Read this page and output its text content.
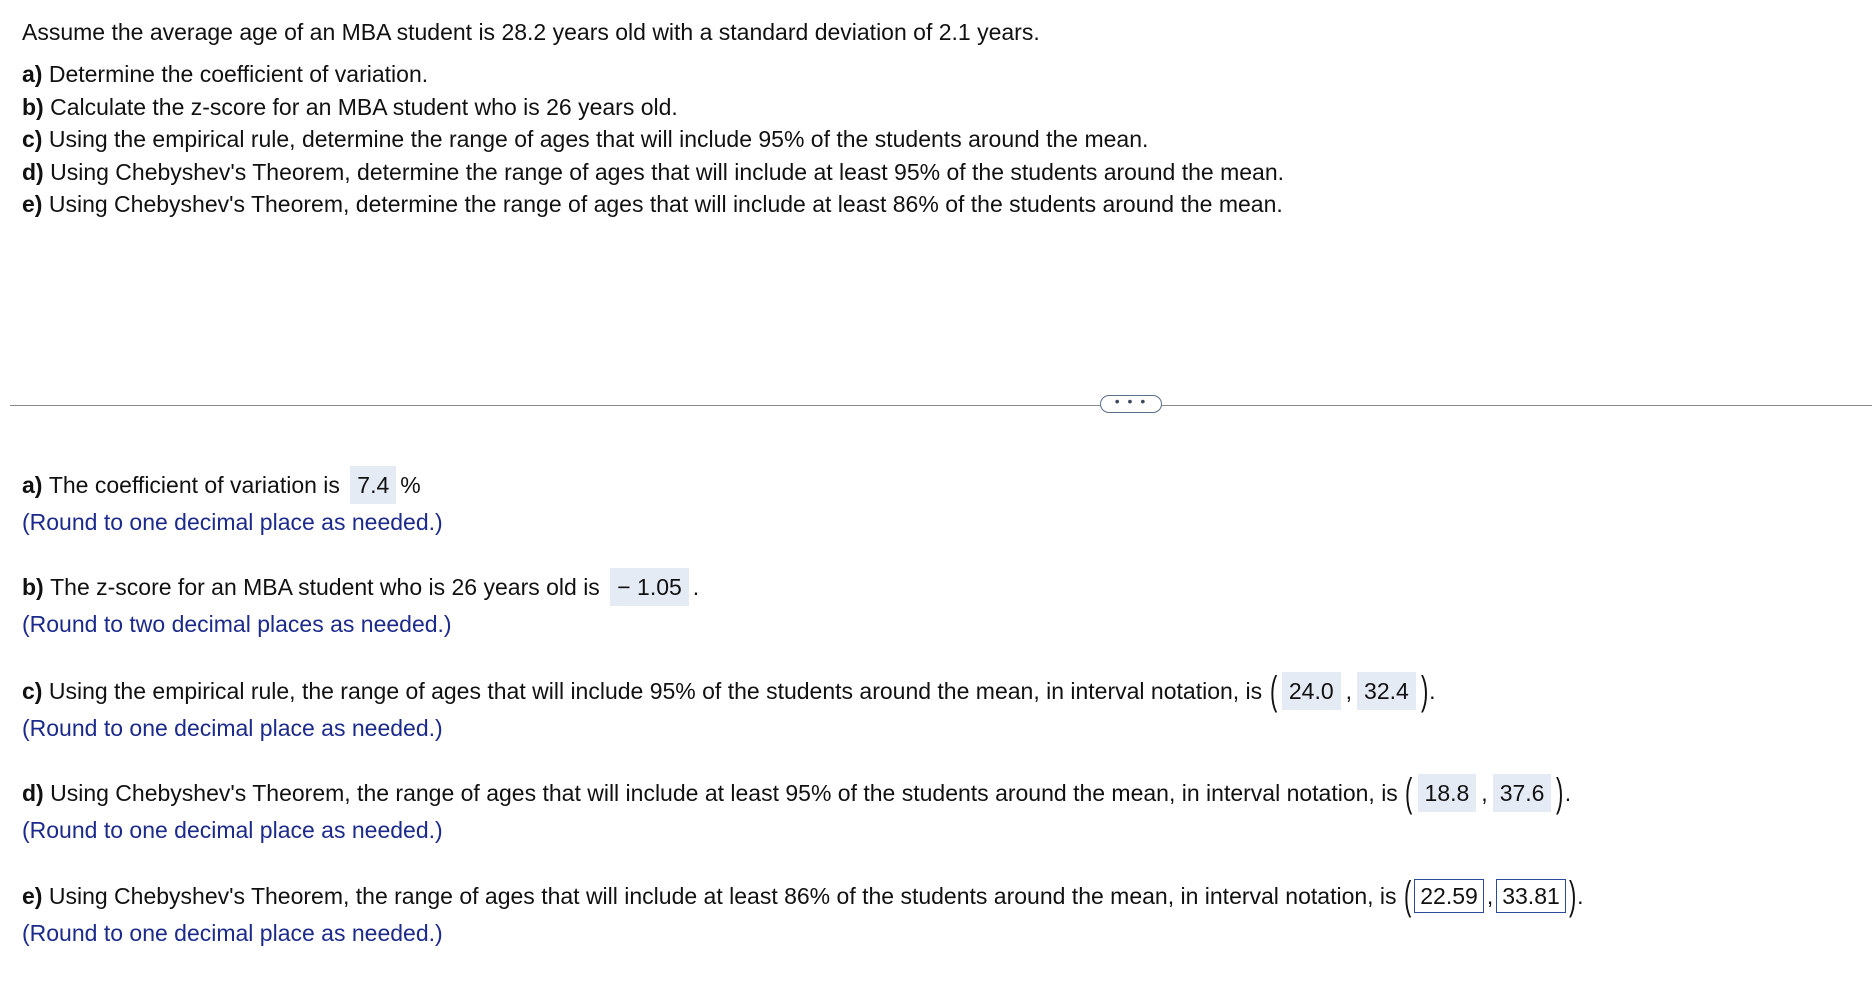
Assume the average age of an MBA student is 28.2 years old with a standard deviation of 2.1 years.

a) Determine the coefficient of variation.

b) Calculate the z-score for an MBA student who is 26 years old.

c) Using the empirical rule, determine the range of ages that will include 95% of the students around the mean.

d) Using Chebyshev's Theorem, determine the range of ages that will include at least 95% of the students around the mean.

e) Using Chebyshev's Theorem, determine the range of ages that will include at least 86% of the students around the mean.

• • •
a)
The coefficient of variation is
7.4 %
(Round to one decimal place as needed.)
b)
The z-score for an MBA student who is 26 years old is
− 1.05 .
(Round to two decimal places as needed.)
c)
Using the empirical rule, the range of ages that will include 95% of the students around the mean, in interval notation, is
( 24.0 , 32.4 ) .
(Round to one decimal place as needed.)
d)
Using Chebyshev's Theorem, the range of ages that will include at least 95% of the students around the mean, in interval notation, is
( 18.8 , 37.6 ) .
(Round to one decimal place as needed.)
e)
Using Chebyshev's Theorem, the range of ages that will include at least 86% of the students around the mean, in interval notation, is
( 22.59 , 33.81 ) .
(Round to one decimal place as needed.)
